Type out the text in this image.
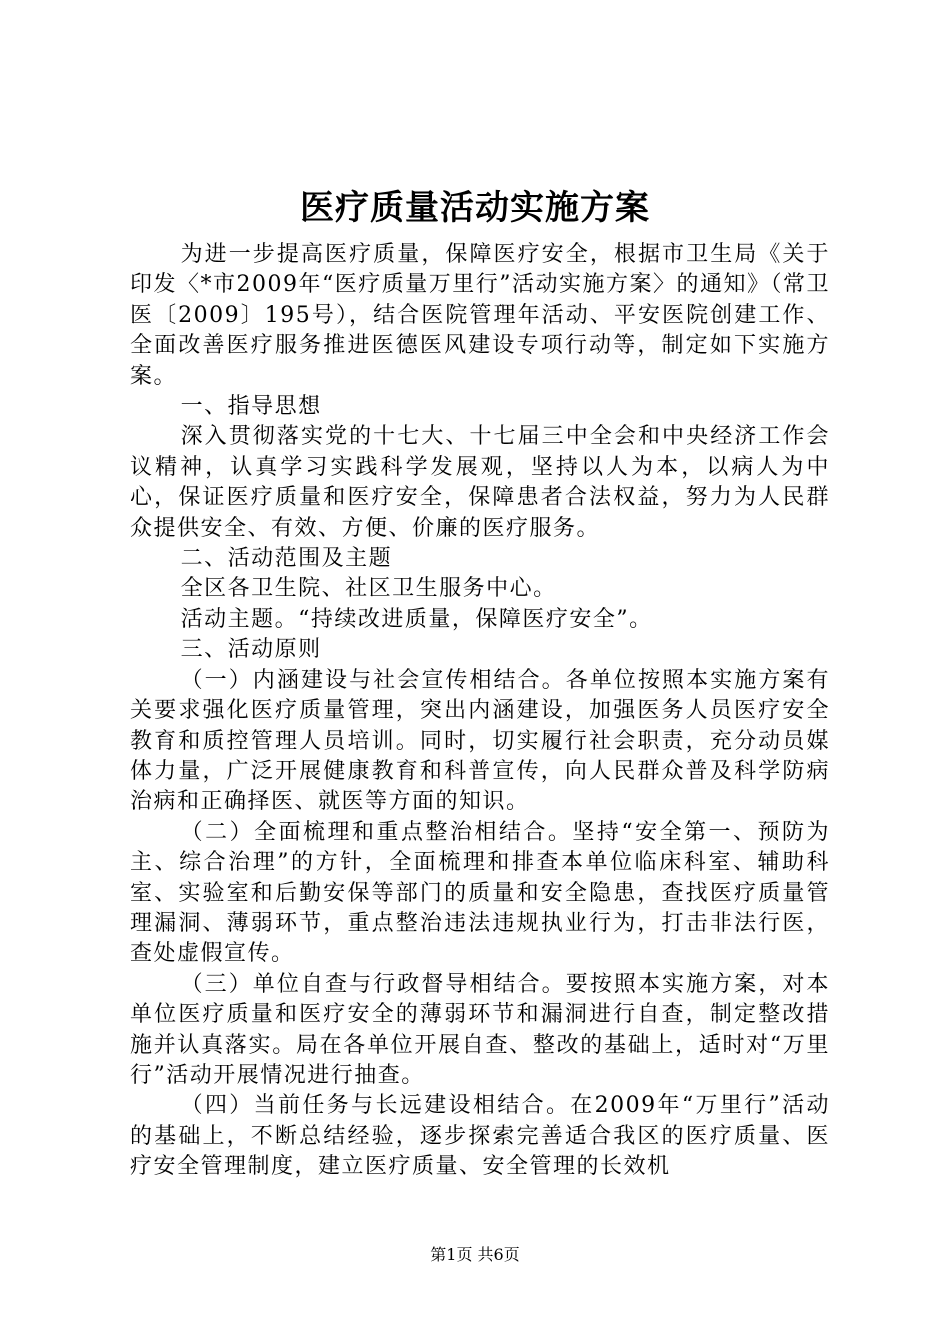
医疗质量活动实施方案

为进一步提高医疗质量，保障医疗安全，根据市卫生局《关于印发〈*市2009年“医疗质量万里行”活动实施方案〉的通知》（常卫医〔2009〕195号），结合医院管理年活动、平安医院创建工作、全面改善医疗服务推进医德医风建设专项行动等，制定如下实施方案。

一、指导思想

深入贯彻落实党的十七大、十七届三中全会和中央经济工作会议精神，认真学习实践科学发展观，坚持以人为本，以病人为中心，保证医疗质量和医疗安全，保障患者合法权益，努力为人民群众提供安全、有效、方便、价廉的医疗服务。

二、活动范围及主题

全区各卫生院、社区卫生服务中心。

活动主题。“持续改进质量，保障医疗安全”。

三、活动原则

（一）内涵建设与社会宣传相结合。各单位按照本实施方案有关要求强化医疗质量管理，突出内涵建设，加强医务人员医疗安全教育和质控管理人员培训。同时，切实履行社会职责，充分动员媒体力量，广泛开展健康教育和科普宣传，向人民群众普及科学防病治病和正确择医、就医等方面的知识。

（二）全面梳理和重点整治相结合。坚持“安全第一、预防为主、综合治理”的方针，全面梳理和排查本单位临床科室、辅助科室、实验室和后勤安保等部门的质量和安全隐患，查找医疗质量管理漏洞、薄弱环节，重点整治违法违规执业行为，打击非法行医，查处虚假宣传。

（三）单位自查与行政督导相结合。要按照本实施方案，对本单位医疗质量和医疗安全的薄弱环节和漏洞进行自查，制定整改措施并认真落实。局在各单位开展自查、整改的基础上，适时对“万里行”活动开展情况进行抽查。

（四）当前任务与长远建设相结合。在2009年“万里行”活动的基础上，不断总结经验，逐步探索完善适合我区的医疗质量、医疗安全管理制度，建立医疗质量、安全管理的长效机

第1页 共6页
